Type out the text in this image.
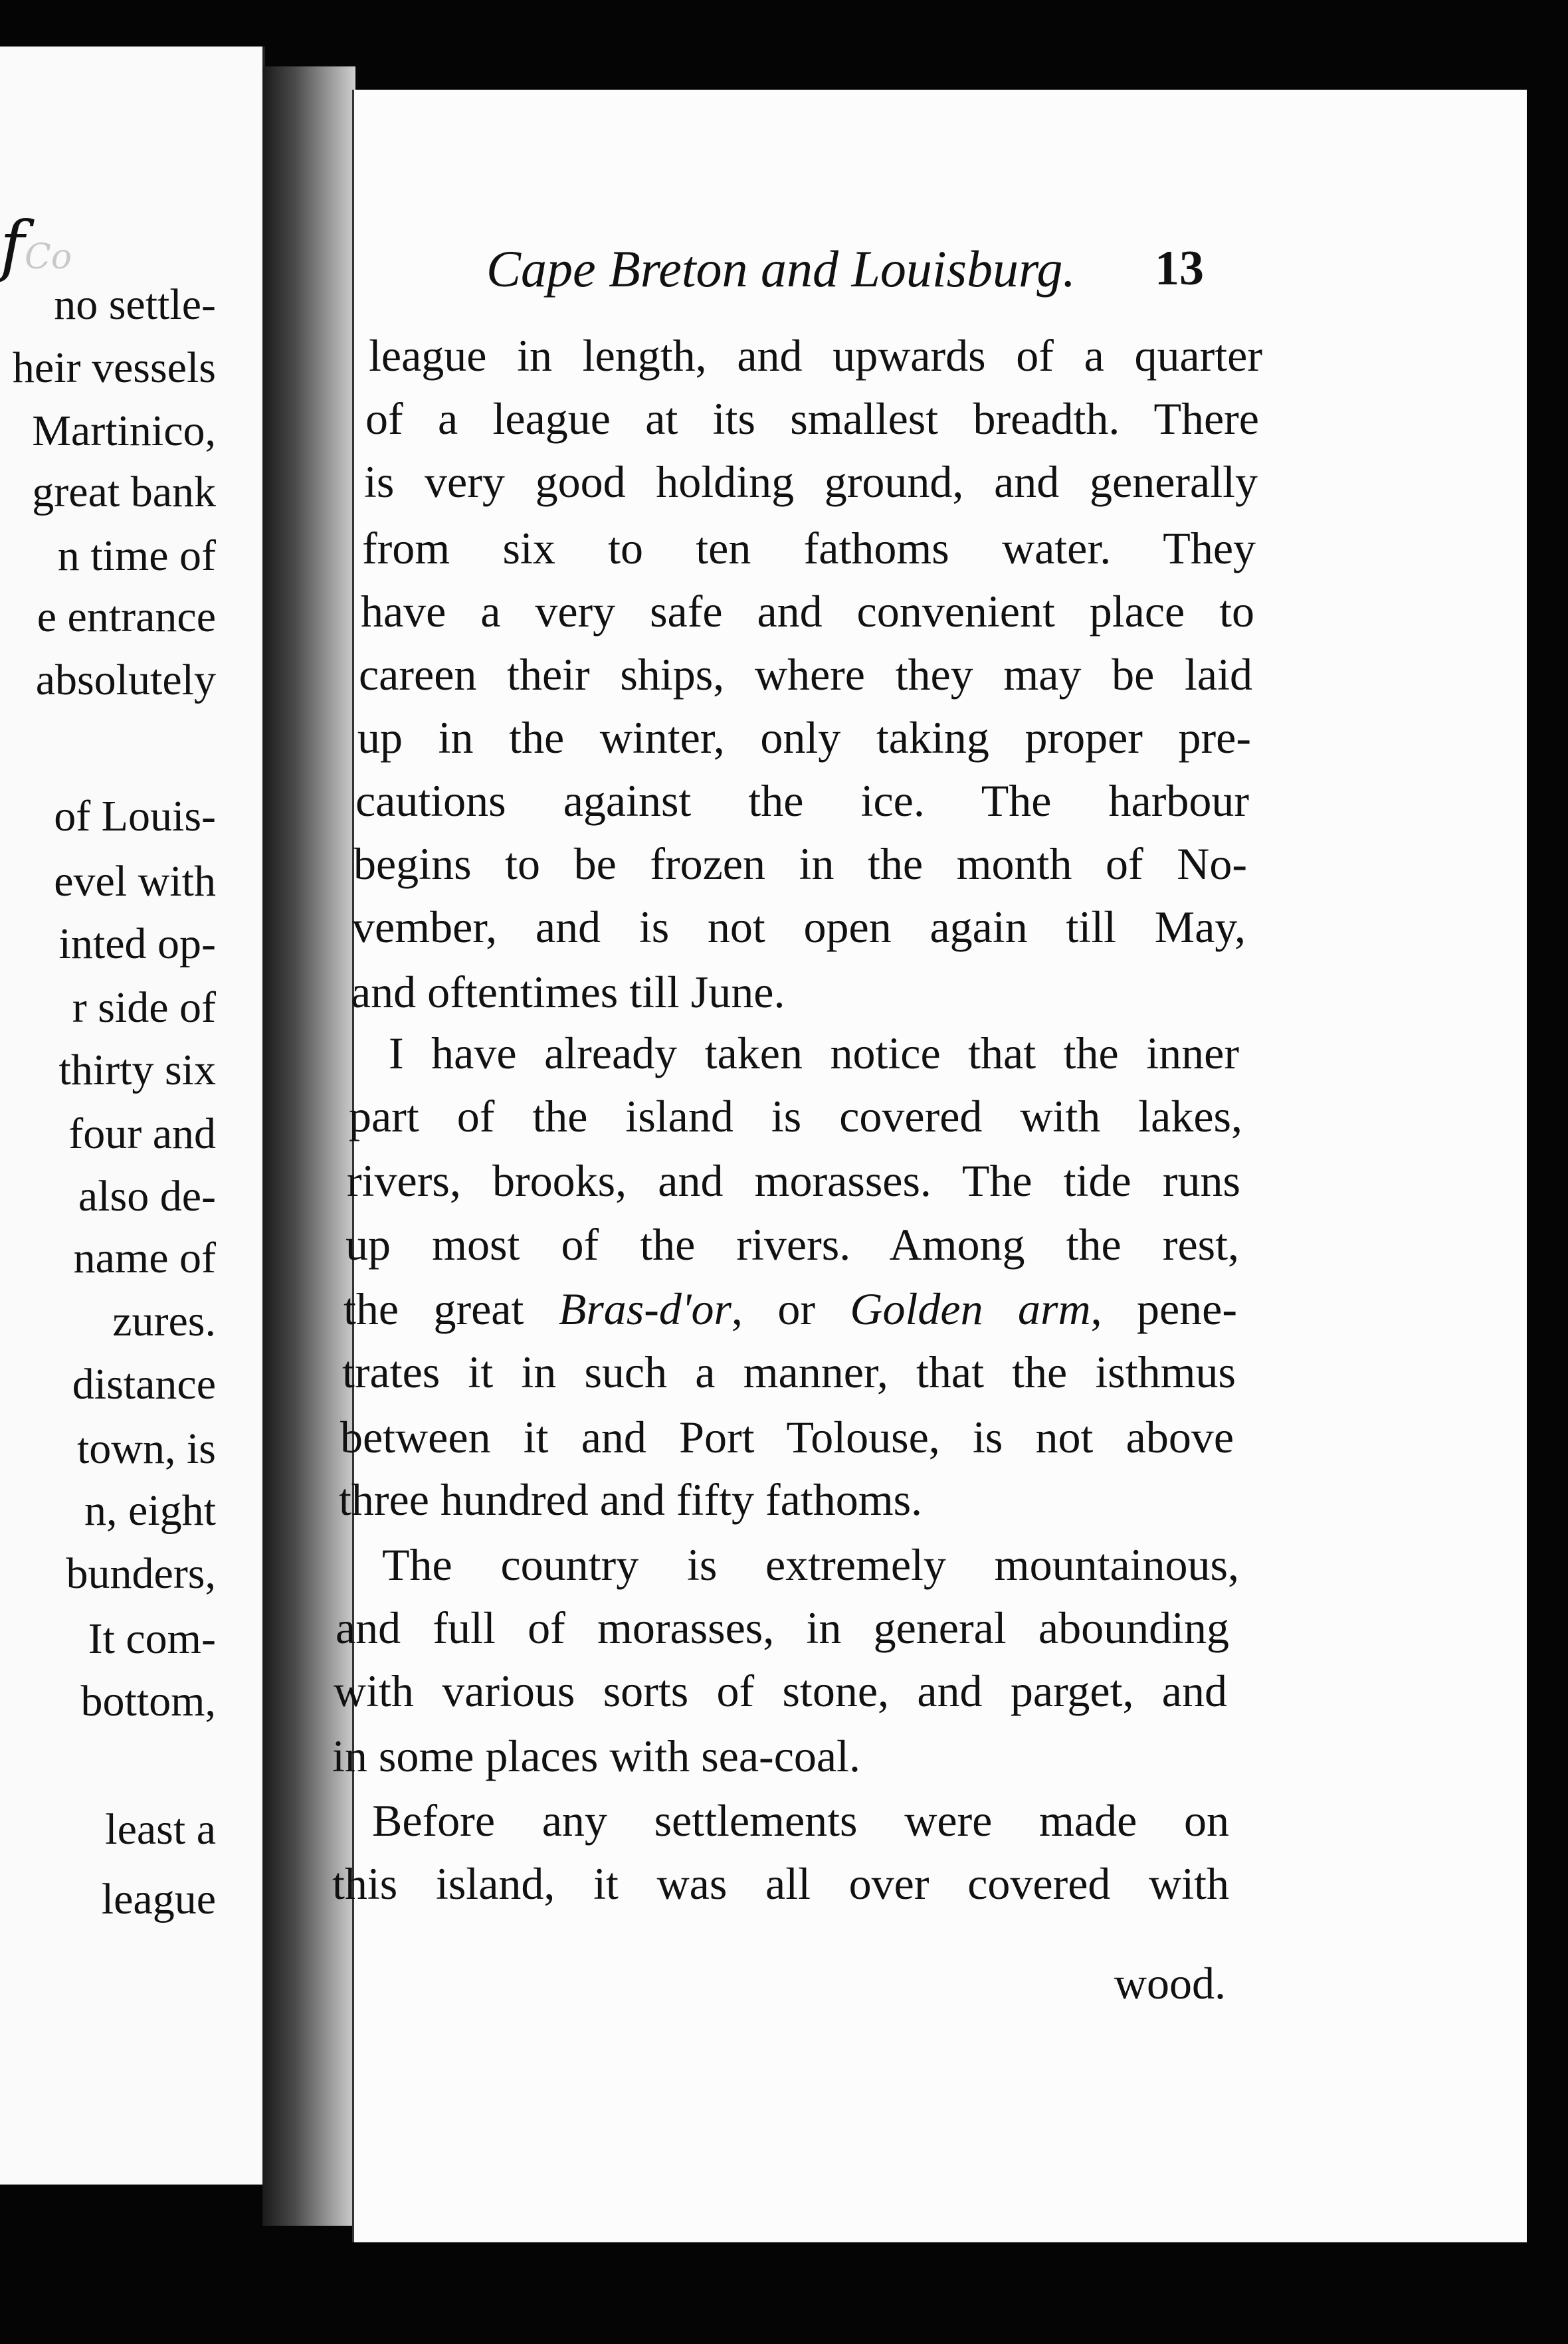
fCo
no settle-
heir vessels
Martinico,
great bank
n time of
e entrance
absolutely
of Louis-
evel with
inted op-
r side of
thirty six
four and
also de-
name of
zures.
distance
town, is
n, eight
bunders,
It com-
bottom,
least a
league
Cape Breton and Louisburg. 13
league in length, and upwards of a quarter
of a league at its smallest breadth. There
is very good holding ground, and generally
from six to ten fathoms water. They
have a very safe and convenient place to
careen their ships, where they may be laid
up in the winter, only taking proper pre-
cautions against the ice. The harbour
begins to be frozen in the month of No-
vember, and is not open again till May,
and oftentimes till June.
I have already taken notice that the inner
part of the island is covered with lakes,
rivers, brooks, and morasses. The tide runs
up most of the rivers. Among the rest,
the great Bras-d'or, or Golden arm, pene-
trates it in such a manner, that the isthmus
between it and Port Tolouse, is not above
three hundred and fifty fathoms.
The country is extremely mountainous,
and full of morasses, in general abounding
with various sorts of stone, and parget, and
in some places with sea-coal.
Before any settlements were made on
this island, it was all over covered with
wood.
